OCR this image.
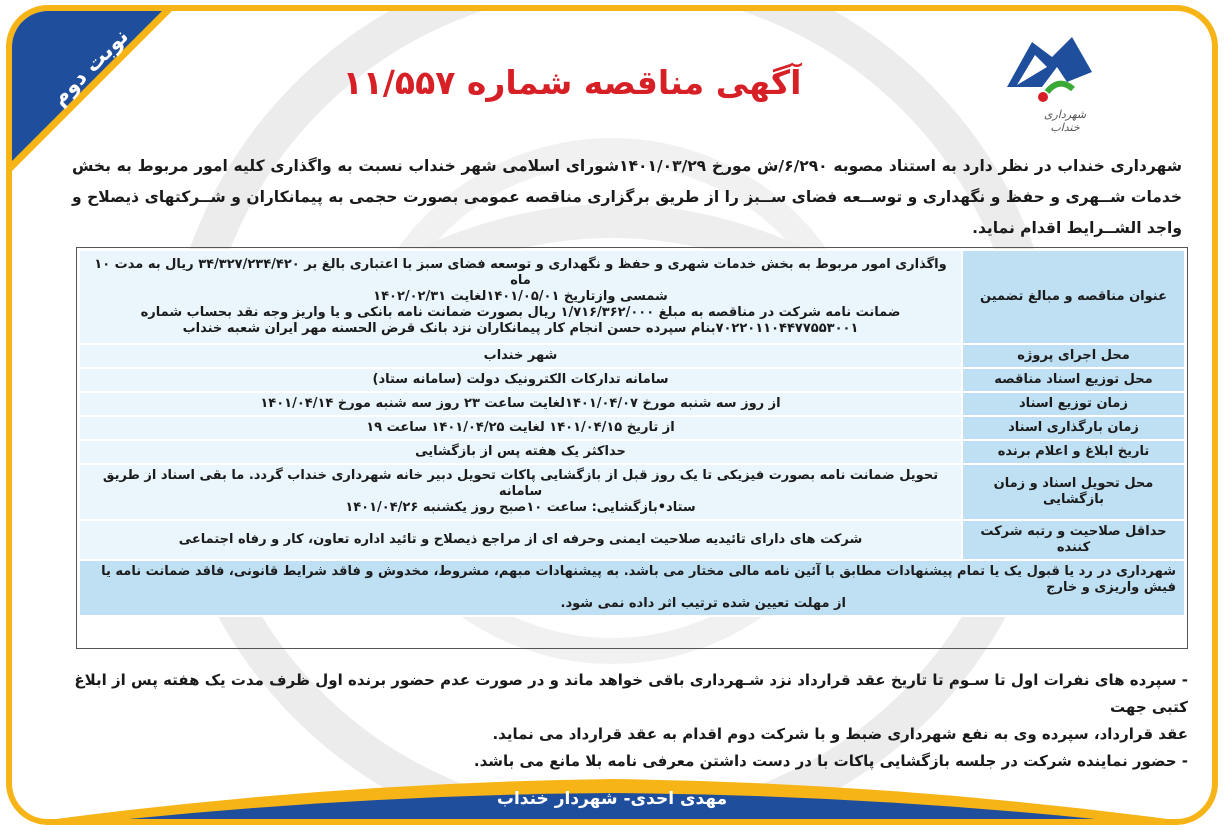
نوبت دوم
شهرداری خنداب
آگهی مناقصه شماره ۱۱/۵۵۷
شهرداری خنداب در نظر دارد به استناد مصوبه ۶/۲۹۰/ش مورخ ۱۴۰۱/۰۳/۲۹شورای اسلامی شهر خنداب نسبت به واگذاری کلیه امور مربوط به بخش خدمات شــهری و حفظ و نگهداری و توســعه فضای ســبز را از طریق برگزاری مناقصه عمومی بصورت حجمی به پیمانکاران و شــرکتهای ذیصلاح و واجد الشــرایط اقدام نماید.
عنوان مناقصه و مبالغ تضمین	واگذاری امور مربوط به بخش خدمات شهری و حفظ و نگهداری و توسعه فضای سبز با اعتباری بالغ بر ۳۴/۳۲۷/۲۳۴/۴۲۰ ریال به مدت ۱۰ ماه
شمسی وازتاریخ ۱۴۰۱/۰۵/۰۱لغایت ۱۴۰۲/۰۲/۳۱
ضمانت نامه شرکت در مناقصه به مبلغ ۱/۷۱۶/۳۶۲/۰۰۰ ریال بصورت ضمانت نامه بانکی و یا واریز وجه نقد بحساب شماره
۷۰۲۲۰۱۱۰۴۴۷۷۵۵۳۰۰۱بنام سپرده حسن انجام کار پیمانکاران نزد بانک قرض الحسنه مهر ایران شعبه خنداب

محل اجرای پروژه	شهر خنداب

محل توزیع اسناد مناقصه	سامانه تدارکات الکترونیک دولت (سامانه ستاد)

زمان توزیع اسناد	از روز سه شنبه مورخ ۱۴۰۱/۰۴/۰۷لغایت ساعت ۲۳ روز سه شنبه مورخ ۱۴۰۱/۰۴/۱۴

زمان بارگذاری اسناد	از تاریخ ۱۴۰۱/۰۴/۱۵ لغایت ۱۴۰۱/۰۴/۲۵ ساعت ۱۹

تاریخ ابلاغ و اعلام برنده	حداکثر یک هفته پس از بازگشایی

محل تحویل اسناد و زمان بازگشایی	تحویل ضمانت نامه بصورت فیزیکی تا یک روز قبل از بازگشایی پاکات تحویل دبیر خانه شهرداری خنداب گردد. ما بقی اسناد از طریق سامانه
ستاد•بازگشایی: ساعت ۱۰صبح روز یکشنبه ۱۴۰۱/۰۴/۲۶

حداقل صلاحیت و رتبه شرکت کننده	شرکت های دارای تائیدیه صلاحیت ایمنی وحرفه ای از مراجع ذیصلاح و تائید اداره تعاون، کار و رفاه اجتماعی

شهرداری در رد یا قبول یک یا تمام پیشنهادات مطابق با آئین نامه مالی مختار می باشد. به پیشنهادات مبهم، مشروط، مخدوش و فاقد شرایط قانونی، فاقد ضمانت نامه یا فیش واریزی و خارج
از مهلت تعیین شده ترتیب اثر داده نمی شود.	
- سپرده های نفرات اول تا سـوم تا تاریخ عقد قرارداد نزد شـهرداری باقی خواهد ماند و در صورت عدم حضور برنده اول ظرف مدت یک هفته پس از ابلاغ کتبی جهت
عقد قرارداد، سپرده وی به نفع شهرداری ضبط و با شرکت دوم اقدام به عقد قرارداد می نماید.
- حضور نماینده شرکت در جلسه بازگشایی پاکات با در دست داشتن معرفی نامه بلا مانع می باشد.
مهدی احدی- شهردار خنداب
